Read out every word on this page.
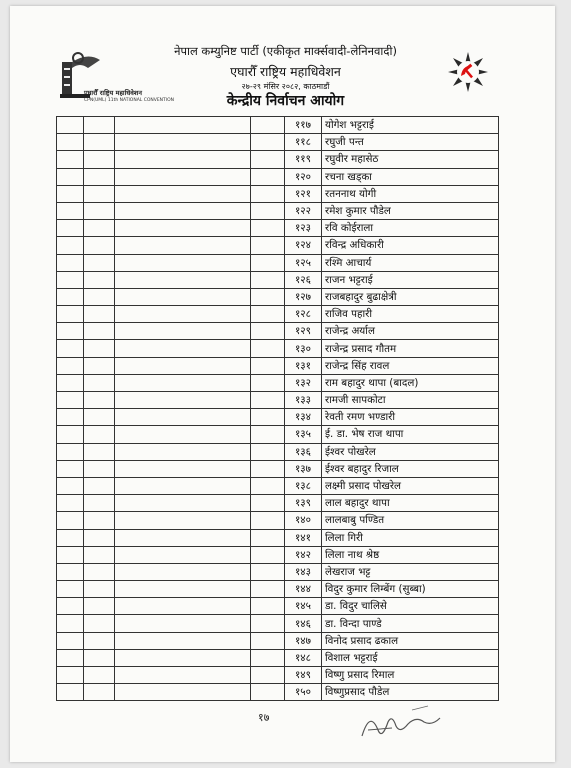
एघारौँ राष्ट्रिय महाधिवेशन
CPN(UML) 11th NATIONAL CONVENTION
नेपाल कम्युनिष्ट पार्टी (एकीकृत मार्क्सवादी-लेनिनवादी)
एघारौँ राष्ट्रिय महाधिवेशन
२७-२९ मंसिर २०८२, काठमाडौं
केन्द्रीय निर्वाचन आयोग
				११७	योगेश भट्टराई
				११८	रघुजी पन्त
				११९	रघुवीर महासेठ
				१२०	रचना खड्का
				१२१	रतननाथ योगी
				१२२	रमेश कुमार पौडेल
				१२३	रवि कोईराला
				१२४	रविन्द्र अधिकारी
				१२५	रश्मि आचार्य
				१२६	राजन भट्टराई
				१२७	राजबहादुर बुढाक्षेत्री
				१२८	राजिव पहारी
				१२९	राजेन्द्र अर्याल
				१३०	राजेन्द्र प्रसाद गौतम
				१३१	राजेन्द्र सिंह रावल
				१३२	राम बहादुर थापा (बादल)
				१३३	रामजी सापकोटा
				१३४	रेवती रमण भण्डारी
				१३५	ई. डा. भेष राज थापा
				१३६	ईश्वर पोखरेल
				१३७	ईश्वर बहादुर रिजाल
				१३८	लक्ष्मी प्रसाद पोखरेल
				१३९	लाल बहादुर थापा
				१४०	लालबाबु पण्डित
				१४१	लिला गिरी
				१४२	लिला नाथ श्रेष्ठ
				१४३	लेखराज भट्ट
				१४४	विदुर कुमार लिम्बेंग (सुब्बा)
				१४५	डा. विदुर चालिसे
				१४६	डा. विन्दा पाण्डे
				१४७	विनोद प्रसाद ढकाल
				१४८	विशाल भट्टराई
				१४९	विष्णु प्रसाद रिमाल
				१५०	विष्णुप्रसाद पौडेल
१७
